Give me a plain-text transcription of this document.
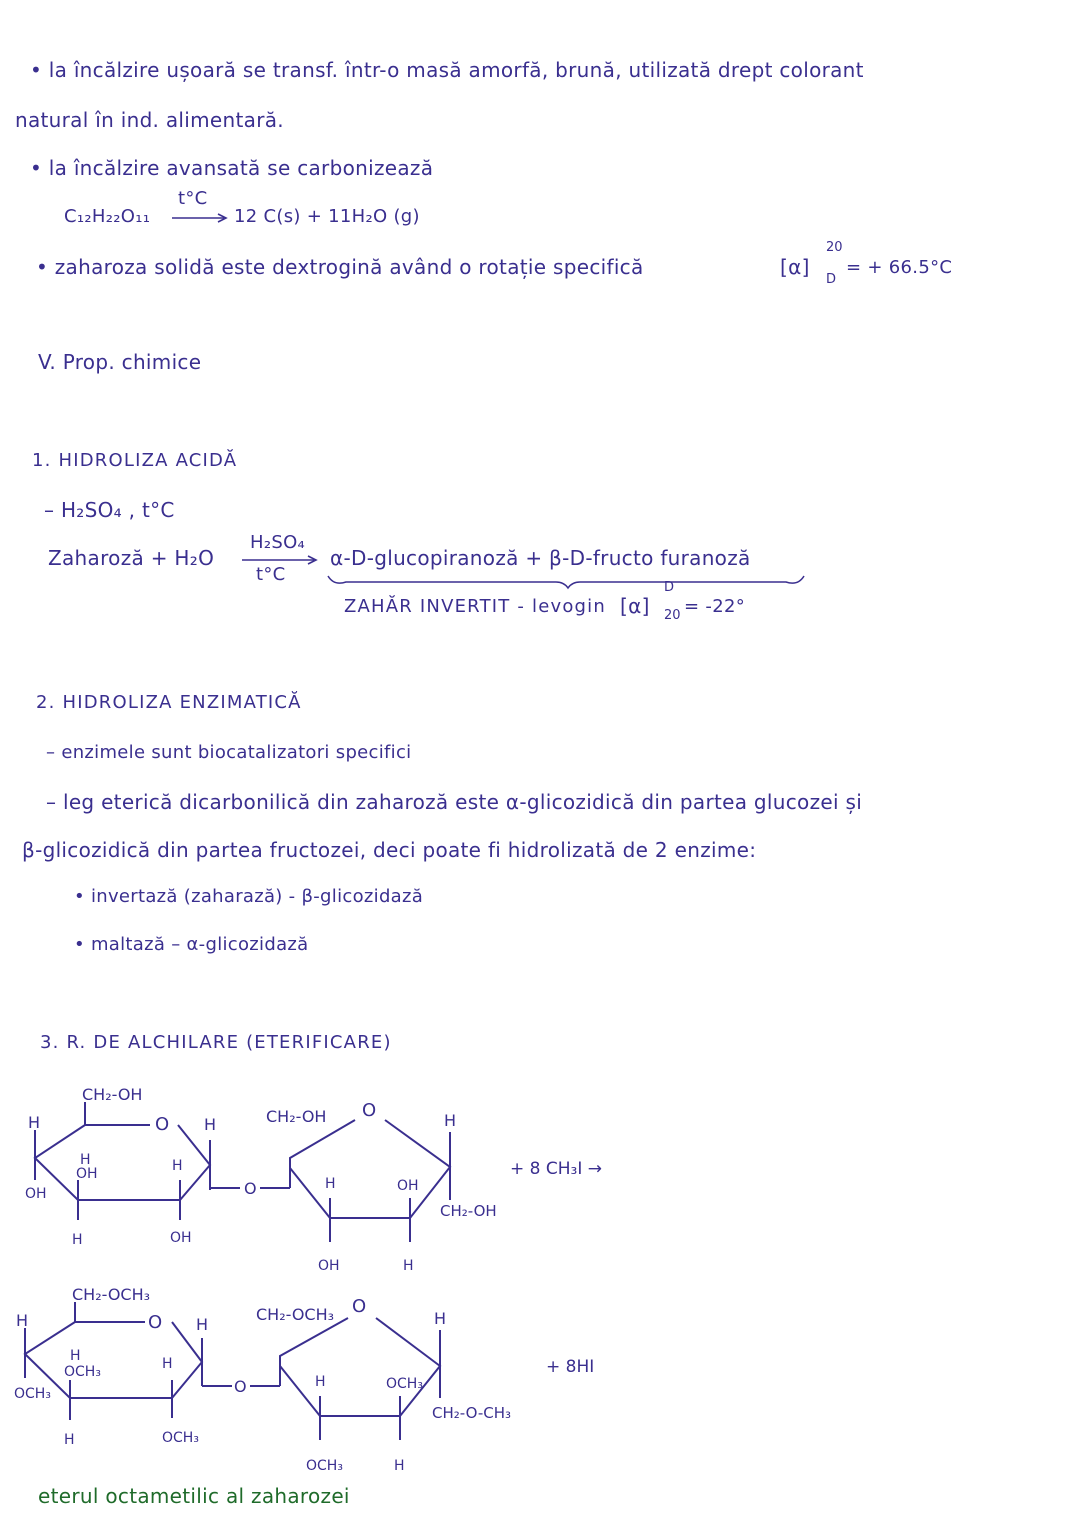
• la încălzire ușoară se transf. într-o masă amorfă, brună, utilizată drept colorant
natural în ind. alimentară.
• la încălzire avansată se carbonizează
C₁₂H₂₂O₁₁
t°C
12 C(s) + 11H₂O (g)
• zaharoza solidă este dextrogină având o rotație specifică	[α]
20
D
= + 66.5°C
V. Prop. chimice
1. HIDROLIZA ACIDĂ
– H₂SO₄ , t°C
Zaharoză + H₂O
H₂SO₄
t°C
α-D-glucopiranoză + β-D-fructo furanoză
ZAHĂR INVERTIT - levogin [α]
D
20 = -22°
2. HIDROLIZA ENZIMATICĂ
– enzimele sunt biocatalizatori specifici
– leg eterică dicarbonilică din zaharoză este α-glicozidică din partea glucozei și
β-glicozidică din partea fructozei, deci poate fi hidrolizată de 2 enzime:
• invertază (zaharază) - β-glicozidază
• maltază – α-glicozidază
3. R. DE ALCHILARE (ETERIFICARE)
CH₂-OH
O H
H
H
OH	H
OH
H	OH
O
CH₂-OH O	H
H	OH
CH₂-OH
OH	H
+ 8 CH₃I →
CH₂-OCH₃
O H
H
H
OCH₃	H
OCH₃
H	OCH₃
O
CH₂-OCH₃ O
H
H	OCH₃
CH₂-O-CH₃
OCH₃	H
+ 8HI
eterul octametilic al zaharozei
